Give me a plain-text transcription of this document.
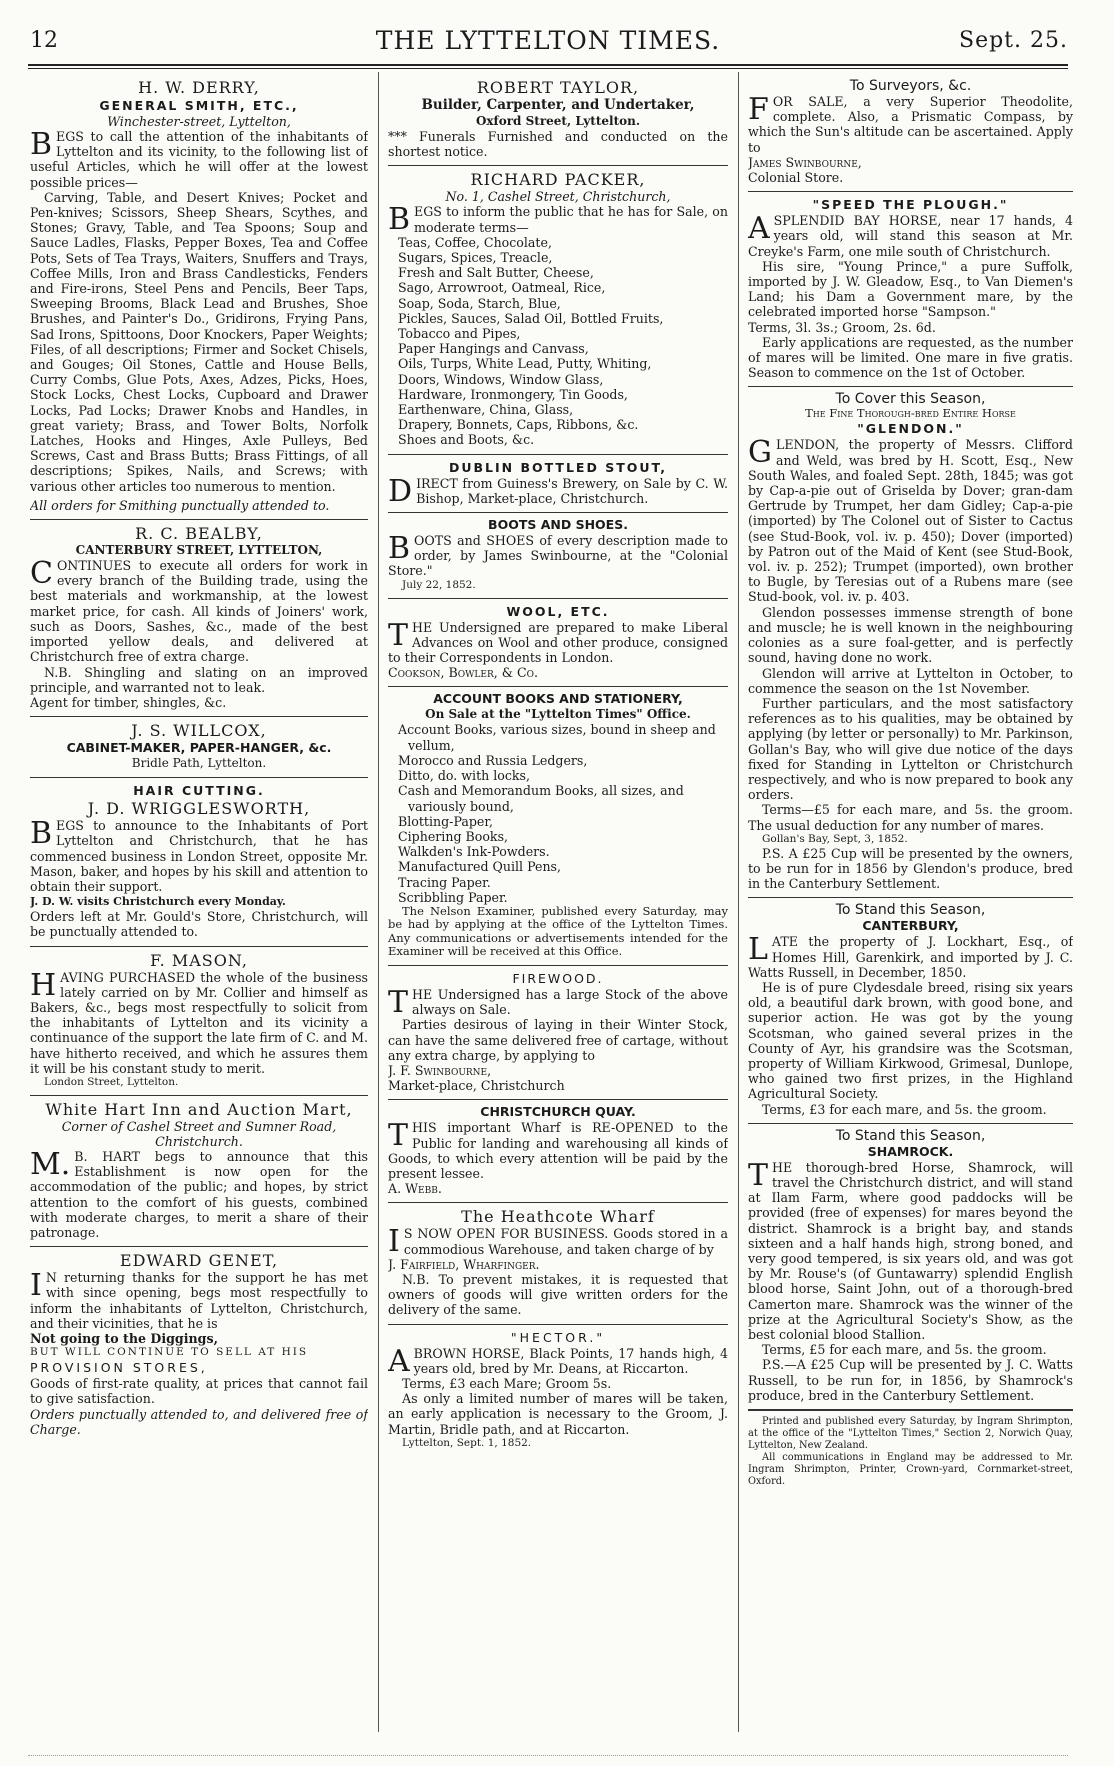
12	THE LYTTELTON TIMES.	Sept. 25.
H. W. DERRY,
GENERAL SMITH, ETC.,
Winchester-street, Lyttelton,

BEGS to call the attention of the inhabitants of Lyttelton and its vicinity, to the following list of useful Articles, which he will offer at the lowest possible prices—

Carving, Table, and Desert Knives; Pocket and Pen-knives; Scissors, Sheep Shears, Scythes, and Stones; Gravy, Table, and Tea Spoons; Soup and Sauce Ladles, Flasks, Pepper Boxes, Tea and Coffee Pots, Sets of Tea Trays, Waiters, Snuffers and Trays, Coffee Mills, Iron and Brass Candlesticks, Fenders and Fire-irons, Steel Pens and Pencils, Beer Taps, Sweeping Brooms, Black Lead and Brushes, Shoe Brushes, and Painter's Do., Gridirons, Frying Pans, Sad Irons, Spittoons, Door Knockers, Paper Weights; Files, of all descriptions; Firmer and Socket Chisels, and Gouges; Oil Stones, Cattle and House Bells, Curry Combs, Glue Pots, Axes, Adzes, Picks, Hoes, Stock Locks, Chest Locks, Cupboard and Drawer Locks, Pad Locks; Drawer Knobs and Handles, in great variety; Brass, and Tower Bolts, Norfolk Latches, Hooks and Hinges, Axle Pulleys, Bed Screws, Cast and Brass Butts; Brass Fittings, of all descriptions; Spikes, Nails, and Screws; with various other articles too numerous to mention.

All orders for Smithing punctually attended to.

R. C. BEALBY,
CANTERBURY STREET, LYTTELTON,

CONTINUES to execute all orders for work in every branch of the Building trade, using the best materials and workmanship, at the lowest market price, for cash. All kinds of Joiners' work, such as Doors, Sashes, &c., made of the best imported yellow deals, and delivered at Christchurch free of extra charge.

N.B. Shingling and slating on an improved principle, and warranted not to leak.

Agent for timber, shingles, &c.

J. S. WILLCOX,
CABINET-MAKER, PAPER-HANGER, &c.
Bridle Path, Lyttelton.
HAIR CUTTING.
J. D. WRIGGLESWORTH,

BEGS to announce to the Inhabitants of Port Lyttelton and Christchurch, that he has commenced business in London Street, opposite Mr. Mason, baker, and hopes by his skill and attention to obtain their support.

J. D. W. visits Christchurch every Monday.

Orders left at Mr. Gould's Store, Christchurch, will be punctually attended to.

F. MASON,

HAVING PURCHASED the whole of the business lately carried on by Mr. Collier and himself as Bakers, &c., begs most respectfully to solicit from the inhabitants of Lyttelton and its vicinity a continuance of the support the late firm of C. and M. have hitherto received, and which he assures them it will be his constant study to merit.

London Street, Lyttelton.

White Hart Inn and Auction Mart,
Corner of Cashel Street and Sumner Road, Christchurch.

M.B. HART begs to announce that this Establishment is now open for the accommodation of the public; and hopes, by strict attention to the comfort of his guests, combined with moderate charges, to merit a share of their patronage.

EDWARD GENET,

IN returning thanks for the support he has met with since opening, begs most respectfully to inform the inhabitants of Lyttelton, Christchurch, and their vicinities, that he is

Not going to the Diggings,

BUT WILL CONTINUE TO SELL AT HIS

PROVISION STORES,

Goods of first-rate quality, at prices that cannot fail to give satisfaction.

Orders punctually attended to, and delivered free of Charge.

ROBERT TAYLOR,
Builder, Carpenter, and Undertaker,
Oxford Street, Lyttelton.

*** Funerals Furnished and conducted on the shortest notice.

RICHARD PACKER,
No. 1, Cashel Street, Christchurch,

BEGS to inform the public that he has for Sale, on moderate terms—

Teas, Coffee, Chocolate,
Sugars, Spices, Treacle,
Fresh and Salt Butter, Cheese,
Sago, Arrowroot, Oatmeal, Rice,
Soap, Soda, Starch, Blue,
Pickles, Sauces, Salad Oil, Bottled Fruits,
Tobacco and Pipes,
Paper Hangings and Canvass,
Oils, Turps, White Lead, Putty, Whiting,
Doors, Windows, Window Glass,
Hardware, Ironmongery, Tin Goods,
Earthenware, China, Glass,
Drapery, Bonnets, Caps, Ribbons, &c.
Shoes and Boots, &c.
DUBLIN BOTTLED STOUT,

DIRECT from Guiness's Brewery, on Sale by C. W. Bishop, Market-place, Christchurch.

BOOTS AND SHOES.

BOOTS and SHOES of every description made to order, by James Swinbourne, at the "Colonial Store."

July 22, 1852.

WOOL, ETC.

THE Undersigned are prepared to make Liberal Advances on Wool and other produce, consigned to their Correspondents in London.

Cookson, Bowler, & Co.

ACCOUNT BOOKS AND STATIONERY,
On Sale at the "Lyttelton Times" Office.
Account Books, various sizes, bound in sheep and vellum,
Morocco and Russia Ledgers,
Ditto, do. with locks,
Cash and Memorandum Books, all sizes, and variously bound,
Blotting-Paper,
Ciphering Books,
Walkden's Ink-Powders.
Manufactured Quill Pens,
Tracing Paper.
Scribbling Paper.

The Nelson Examiner, published every Saturday, may be had by applying at the office of the Lyttelton Times. Any communications or advertisements intended for the Examiner will be received at this Office.

FIREWOOD.

THE Undersigned has a large Stock of the above always on Sale.

Parties desirous of laying in their Winter Stock, can have the same delivered free of cartage, without any extra charge, by applying to

J. F. Swinbourne,

Market-place, Christchurch

CHRISTCHURCH QUAY.

THIS important Wharf is RE-OPENED to the Public for landing and warehousing all kinds of Goods, to which every attention will be paid by the present lessee.

A. Webb.

The Heathcote Wharf

IS NOW OPEN FOR BUSINESS. Goods stored in a commodious Warehouse, and taken charge of by

J. Fairfield, Wharfinger.

N.B. To prevent mistakes, it is requested that owners of goods will give written orders for the delivery of the same.

"HECTOR."

ABROWN HORSE, Black Points, 17 hands high, 4 years old, bred by Mr. Deans, at Riccarton.

Terms, £3 each Mare; Groom 5s.

As only a limited number of mares will be taken, an early application is necessary to the Groom, J. Martin, Bridle path, and at Riccarton.

Lyttelton, Sept. 1, 1852.

To Surveyors, &c.

FOR SALE, a very Superior Theodolite, complete. Also, a Prismatic Compass, by which the Sun's altitude can be ascertained. Apply to

James Swinbourne,

Colonial Store.

"SPEED THE PLOUGH."

ASPLENDID BAY HORSE, near 17 hands, 4 years old, will stand this season at Mr. Creyke's Farm, one mile south of Christchurch.

His sire, "Young Prince," a pure Suffolk, imported by J. W. Gleadow, Esq., to Van Diemen's Land; his Dam a Government mare, by the celebrated imported horse "Sampson."

Terms, 3l. 3s.; Groom, 2s. 6d.

Early applications are requested, as the number of mares will be limited. One mare in five gratis. Season to commence on the 1st of October.

To Cover this Season,
The Fine Thorough-bred Entire Horse
"GLENDON."

GLENDON, the property of Messrs. Clifford and Weld, was bred by H. Scott, Esq., New South Wales, and foaled Sept. 28th, 1845; was got by Cap-a-pie out of Griselda by Dover; gran-dam Gertrude by Trumpet, her dam Gidley; Cap-a-pie (imported) by The Colonel out of Sister to Cactus (see Stud-Book, vol. iv. p. 450); Dover (imported) by Patron out of the Maid of Kent (see Stud-Book, vol. iv. p. 252); Trumpet (imported), own brother to Bugle, by Teresias out of a Rubens mare (see Stud-book, vol. iv. p. 403.

Glendon possesses immense strength of bone and muscle; he is well known in the neighbouring colonies as a sure foal-getter, and is perfectly sound, having done no work.

Glendon will arrive at Lyttelton in October, to commence the season on the 1st November.

Further particulars, and the most satisfactory references as to his qualities, may be obtained by applying (by letter or personally) to Mr. Parkinson, Gollan's Bay, who will give due notice of the days fixed for Standing in Lyttelton or Christchurch respectively, and who is now prepared to book any orders.

Terms—£5 for each mare, and 5s. the groom. The usual deduction for any number of mares.

Gollan's Bay, Sept, 3, 1852.

P.S. A £25 Cup will be presented by the owners, to be run for in 1856 by Glendon's produce, bred in the Canterbury Settlement.

To Stand this Season,
CANTERBURY,

LATE the property of J. Lockhart, Esq., of Homes Hill, Garenkirk, and imported by J. C. Watts Russell, in December, 1850.

He is of pure Clydesdale breed, rising six years old, a beautiful dark brown, with good bone, and superior action. He was got by the young Scotsman, who gained several prizes in the County of Ayr, his grandsire was the Scotsman, property of William Kirkwood, Grimesal, Dunlope, who gained two first prizes, in the Highland Agricultural Society.

Terms, £3 for each mare, and 5s. the groom.

To Stand this Season,
SHAMROCK.

THE thorough-bred Horse, Shamrock, will travel the Christchurch district, and will stand at Ilam Farm, where good paddocks will be provided (free of expenses) for mares beyond the district. Shamrock is a bright bay, and stands sixteen and a half hands high, strong boned, and very good tempered, is six years old, and was got by Mr. Rouse's (of Guntawarry) splendid English blood horse, Saint John, out of a thorough-bred Camerton mare. Shamrock was the winner of the prize at the Agricultural Society's Show, as the best colonial blood Stallion.

Terms, £5 for each mare, and 5s. the groom.

P.S.—A £25 Cup will be presented by J. C. Watts Russell, to be run for, in 1856, by Shamrock's produce, bred in the Canterbury Settlement.

Printed and published every Saturday, by Ingram Shrimpton, at the office of the "Lyttelton Times," Section 2, Norwich Quay, Lyttelton, New Zealand.

All communications in England may be addressed to Mr. Ingram Shrimpton, Printer, Crown-yard, Cornmarket-street, Oxford.
